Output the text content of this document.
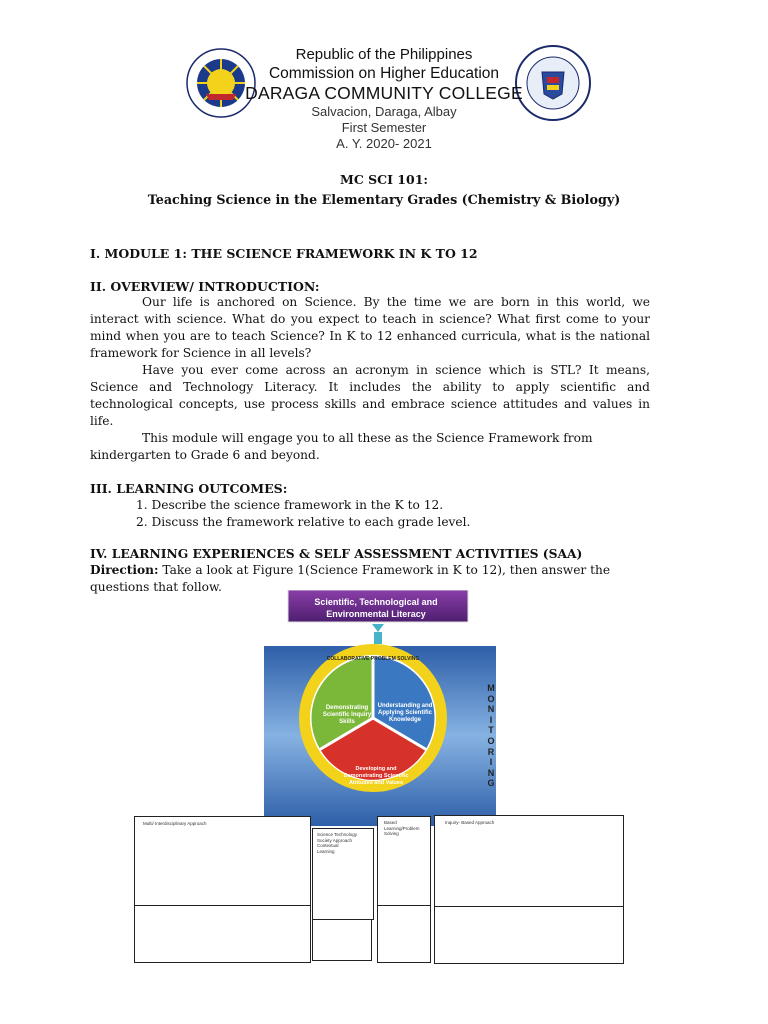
Republic of the Philippines
Commission on Higher Education
DARAGA COMMUNITY COLLEGE
Salvacion, Daraga, Albay
First Semester
A. Y. 2020- 2021
MC SCI 101:
Teaching Science in the Elementary Grades (Chemistry & Biology)
I. MODULE 1: THE SCIENCE FRAMEWORK IN K TO 12
II. OVERVIEW/ INTRODUCTION:
Our life is anchored on Science. By the time we are born in this world, we interact with science. What do you expect to teach in science? What first come to your mind when you are to teach Science? In K to 12 enhanced curricula, what is the national framework for Science in all levels?
Have you ever come across an acronym in science which is STL? It means, Science and Technology Literacy. It includes the ability to apply scientific and technological concepts, use process skills and embrace science attitudes and values in life.
This module will engage you to all these as the Science Framework from kindergarten to Grade 6 and beyond.
III. LEARNING OUTCOMES:
1. Describe the science framework in the K to 12.
2. Discuss the framework relative to each grade level.
IV. LEARNING EXPERIENCES & SELF ASSESSMENT ACTIVITIES (SAA)
Direction: Take a look at Figure 1(Science Framework in K to 12), then answer the questions that follow.
Scientific, Technological and Environmental Literacy
COLLABORATIVE PROBLEM SOLVING
Demonstrating Scientific Inquiry Skills
Understanding and Applying Scientific Knowledge
Developing and Demonstrating Scientific Attitudes and Values
M
O
N
I
T
O
R
I
N
G
Multi/ Interdisciplinary Approach
Science Technology Society Approach Contextual Learning
Based Learning/Problem Solving
Inquiry- Based Approach
